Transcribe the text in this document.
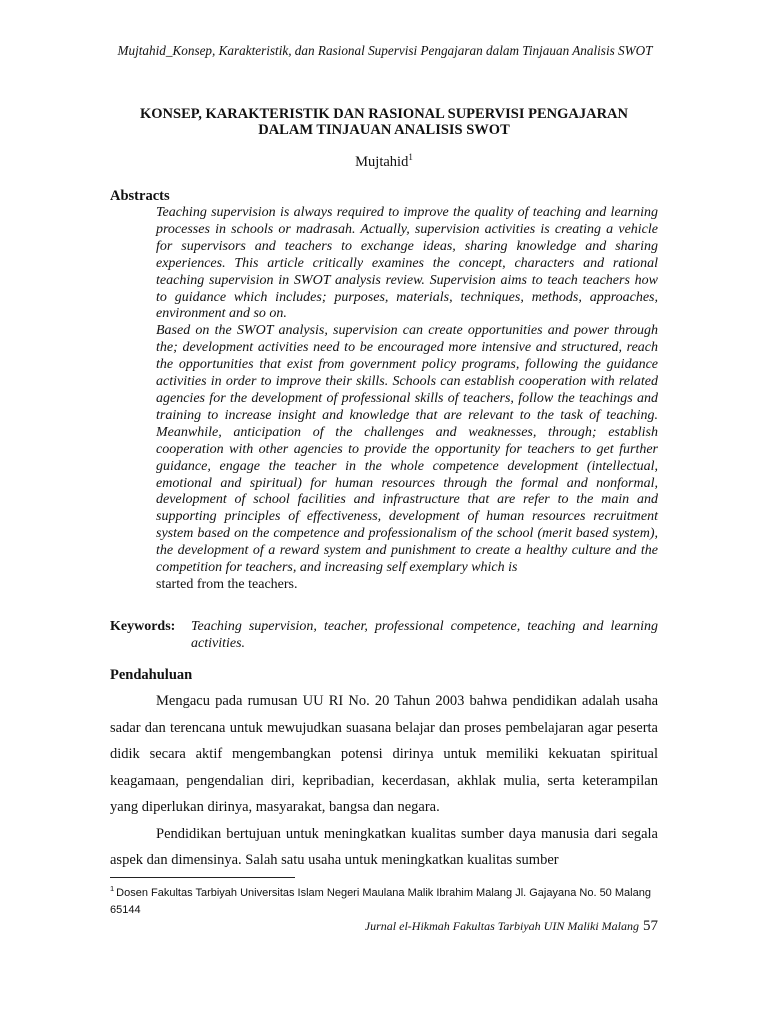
Mujtahid_Konsep, Karakteristik, dan Rasional Supervisi Pengajaran dalam Tinjauan Analisis SWOT
KONSEP, KARAKTERISTIK DAN RASIONAL SUPERVISI PENGAJARAN
DALAM TINJAUAN ANALISIS SWOT
Mujtahid$^1$
Abstracts

Teaching supervision is always required to improve the quality of teaching and learning processes in schools or madrasah. Actually, supervision activities is creating a vehicle for supervisors and teachers to exchange ideas, sharing knowledge and sharing experiences. This article critically examines the concept, characters and rational teaching supervision in SWOT analysis review. Supervision aims to teach teachers how to guidance which includes; purposes, materials, techniques, methods, approaches, environment and so on.

Based on the SWOT analysis, supervision can create opportunities and power through the; development activities need to be encouraged more intensive and structured, reach the opportunities that exist from government policy programs, following the guidance activities in order to improve their skills. Schools can establish cooperation with related agencies for the development of professional skills of teachers, follow the teachings and training to increase insight and knowledge that are relevant to the task of teaching. Meanwhile, anticipation of the challenges and weaknesses, through; establish cooperation with other agencies to provide the opportunity for teachers to get further guidance, engage the teacher in the whole competence development (intellectual, emotional and spiritual) for human resources through the formal and nonformal, development of school facilities and infrastructure that are refer to the main and supporting principles of effectiveness, development of human resources recruitment system based on the competence and professionalism of the school (merit based system), the development of a reward system and punishment to create a healthy culture and the competition for teachers, and increasing self exemplary which is
started from the teachers.

Keywords: Teaching supervision, teacher, professional competence, teaching and learning activities.
Pendahuluan

Mengacu pada rumusan UU RI No. 20 Tahun 2003 bahwa pendidikan adalah usaha sadar dan terencana untuk mewujudkan suasana belajar dan proses pembelajaran agar peserta didik secara aktif mengembangkan potensi dirinya untuk memiliki kekuatan spiritual keagamaan, pengendalian diri, kepribadian, kecerdasan, akhlak mulia, serta keterampilan yang diperlukan dirinya, masyarakat, bangsa dan negara.

Pendidikan bertujuan untuk meningkatkan kualitas sumber daya manusia dari segala aspek dan dimensinya. Salah satu usaha untuk meningkatkan kualitas sumber

$^1$ Dosen Fakultas Tarbiyah Universitas Islam Negeri Maulana Malik Ibrahim Malang Jl. Gajayana No. 50 Malang 65144
Jurnal el-Hikmah Fakultas Tarbiyah UIN Maliki Malang 57
